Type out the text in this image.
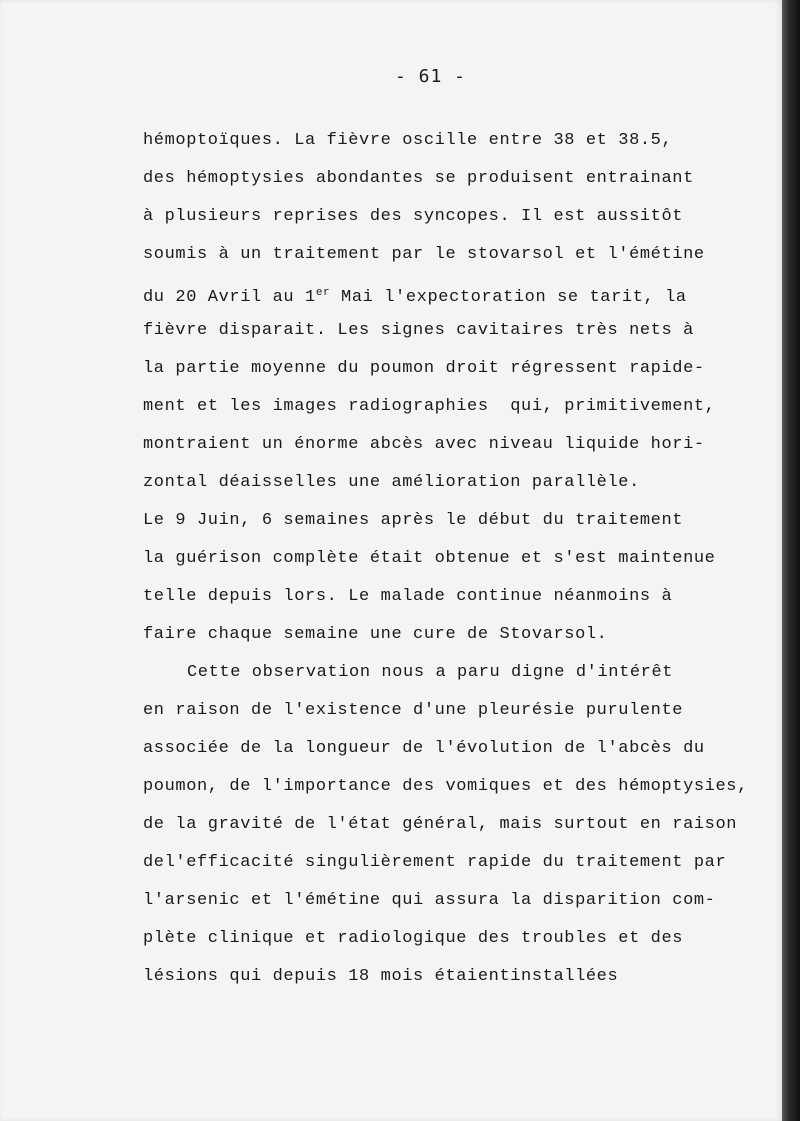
- 61 -
hémoptoïques. La fièvre oscille entre 38 et 38.5,
des hémoptysies abondantes se produisent entrainant
à plusieurs reprises des syncopes. Il est aussitôt
soumis à un traitement par le stovarsol et l'émétine
du 20 Avril au 1er Mai l'expectoration se tarit, la
fièvre disparait. Les signes cavitaires très nets à
la partie moyenne du poumon droit régressent rapide-
ment et les images radiographies  qui, primitivement,
montraient un énorme abcès avec niveau liquide hori-
zontal déaisselles une amélioration parallèle.
Le 9 Juin, 6 semaines après le début du traitement
la guérison complète était obtenue et s'est maintenue
telle depuis lors. Le malade continue néanmoins à
faire chaque semaine une cure de Stovarsol.
Cette observation nous a paru digne d'intérêt
en raison de l'existence d'une pleurésie purulente
associée de la longueur de l'évolution de l'abcès du
poumon, de l'importance des vomiques et des hémoptysies,
de la gravité de l'état général, mais surtout en raison
del'efficacité singulièrement rapide du traitement par
l'arsenic et l'émétine qui assura la disparition com-
plète clinique et radiologique des troubles et des
lésions qui depuis 18 mois étaientinstallées
